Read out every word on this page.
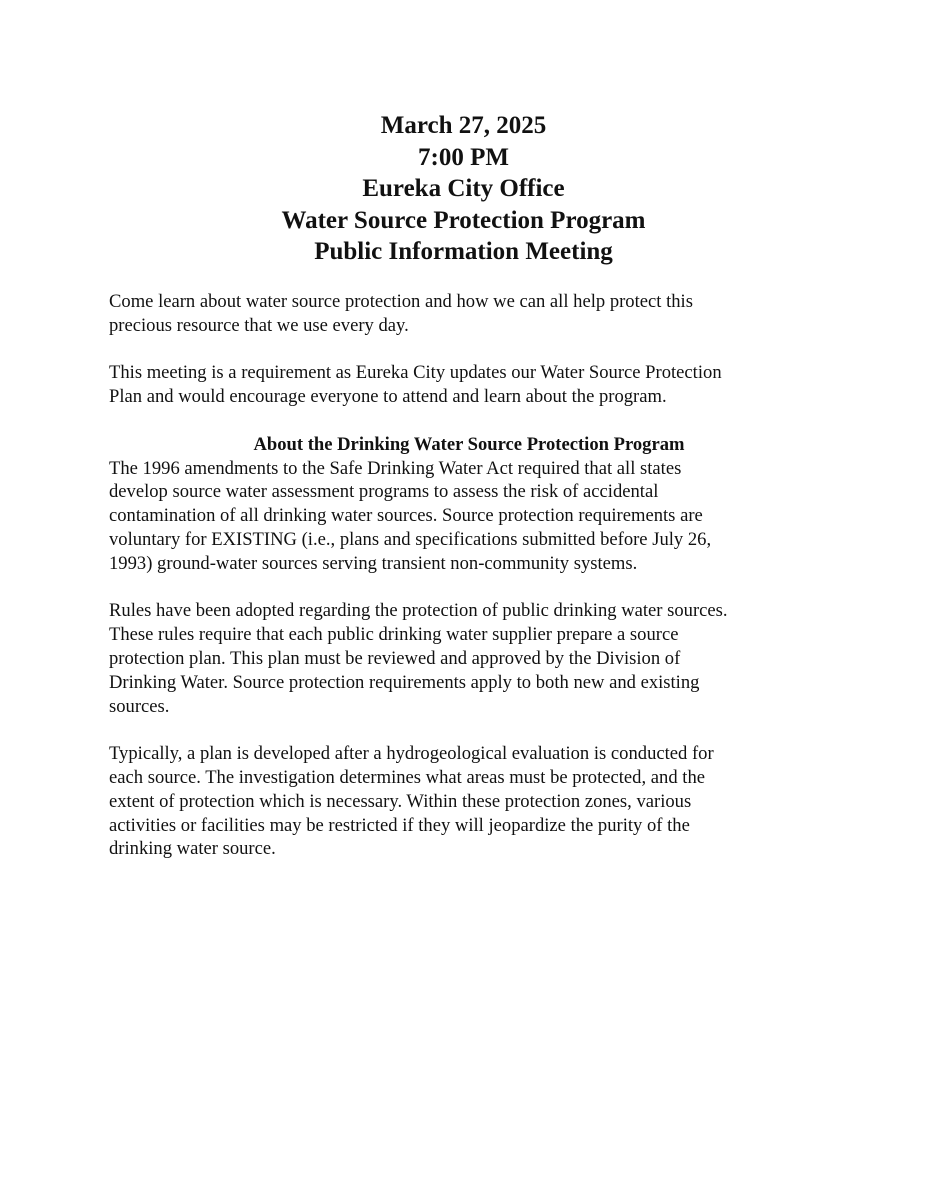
March 27, 2025
7:00 PM
Eureka City Office
Water Source Protection Program
Public Information Meeting
Come learn about water source protection and how we can all help protect this
precious resource that we use every day.
This meeting is a requirement as Eureka City updates our Water Source Protection
Plan and would encourage everyone to attend and learn about the program.
About the Drinking Water Source Protection Program
The 1996 amendments to the Safe Drinking Water Act required that all states
develop source water assessment programs to assess the risk of accidental
contamination of all drinking water sources. Source protection requirements are
voluntary for EXISTING (i.e., plans and specifications submitted before July 26,
1993) ground-water sources serving transient non-community systems.
Rules have been adopted regarding the protection of public drinking water sources.
These rules require that each public drinking water supplier prepare a source
protection plan. This plan must be reviewed and approved by the Division of
Drinking Water. Source protection requirements apply to both new and existing
sources.
Typically, a plan is developed after a hydrogeological evaluation is conducted for
each source. The investigation determines what areas must be protected, and the
extent of protection which is necessary. Within these protection zones, various
activities or facilities may be restricted if they will jeopardize the purity of the
drinking water source.
